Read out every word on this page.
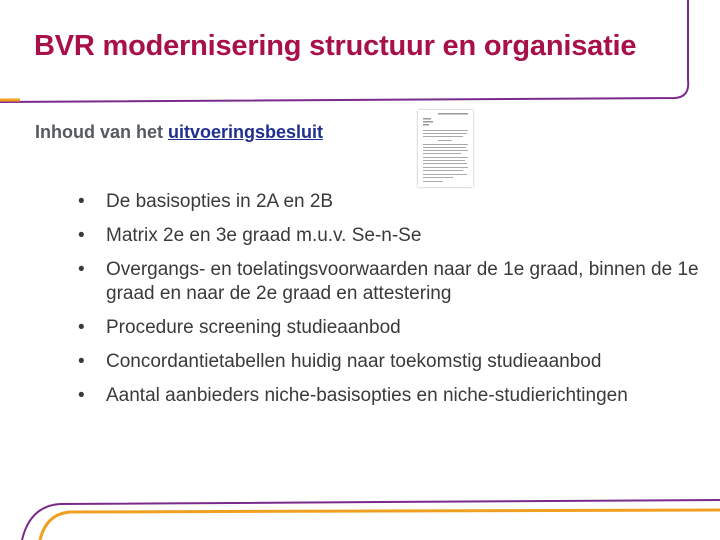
BVR modernisering structuur en organisatie
Inhoud van het uitvoeringsbesluit
• De basisopties in 2A en 2B
• Matrix 2e en 3e graad m.u.v. Se-n-Se
• Overgangs- en toelatingsvoorwaarden naar de 1e graad, binnen de 1e graad en naar de 2e graad en attestering
• Procedure screening studieaanbod
• Concordantietabellen huidig naar toekomstig studieaanbod
• Aantal aanbieders niche-basisopties en niche-studierichtingen
